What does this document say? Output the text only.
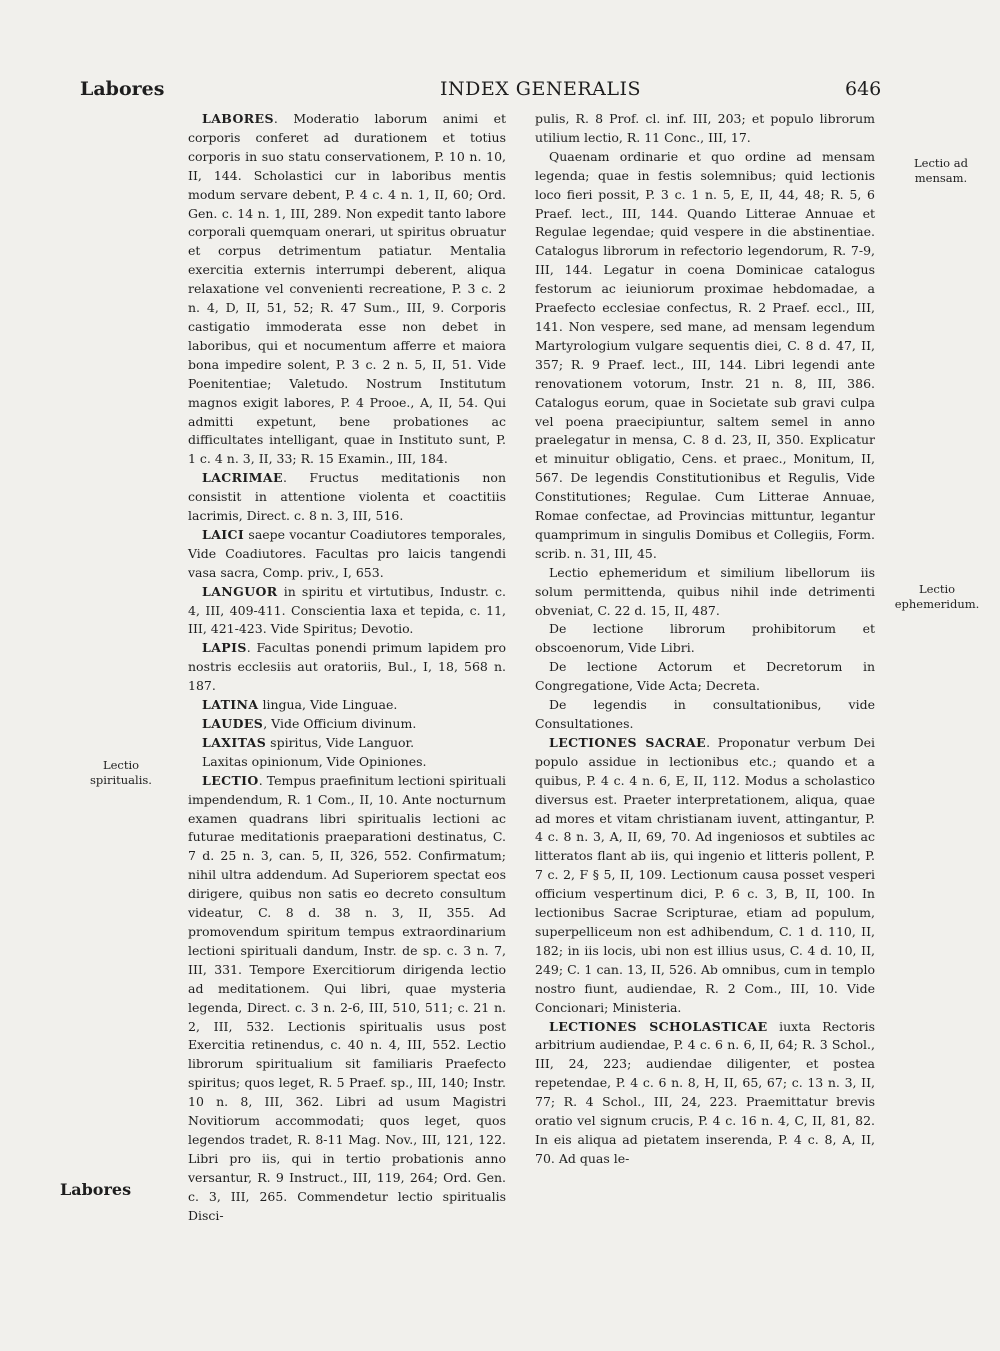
Labores	INDEX GENERALIS	646
Lectio ad mensam.
Lectio ephemeridum.
Lectio spiritualis.

LABORES. Moderatio laborum animi et corporis conferet ad durationem et totius corporis in suo statu conservationem, P. 10 n. 10, II, 144. Scholastici cur in laboribus mentis modum servare debent, P. 4 c. 4 n. 1, II, 60; Ord. Gen. c. 14 n. 1, III, 289. Non expedit tanto labore corporali quemquam onerari, ut spiritus obruatur et corpus detrimentum patiatur. Mentalia exercitia externis interrumpi deberent, aliqua relaxatione vel convenienti recreatione, P. 3 c. 2 n. 4, D, II, 51, 52; R. 47 Sum., III, 9. Corporis castigatio immoderata esse non debet in laboribus, qui et nocumentum afferre et maiora bona impedire solent, P. 3 c. 2 n. 5, II, 51. Vide Poenitentiae; Valetudo. Nostrum Institutum magnos exigit labores, P. 4 Prooe., A, II, 54. Qui admitti expetunt, bene probationes ac difficultates intelligant, quae in Instituto sunt, P. 1 c. 4 n. 3, II, 33; R. 15 Examin., III, 184.

LACRIMAE. Fructus meditationis non consistit in attentione violenta et coactitiis lacrimis, Direct. c. 8 n. 3, III, 516.

LAICI saepe vocantur Coadiutores temporales, Vide Coadiutores. Facultas pro laicis tangendi vasa sacra, Comp. priv., I, 653.

LANGUOR in spiritu et virtutibus, Industr. c. 4, III, 409-411. Conscientia laxa et tepida, c. 11, III, 421-423. Vide Spiritus; Devotio.

LAPIS. Facultas ponendi primum lapidem pro nostris ecclesiis aut oratoriis, Bul., I, 18, 568 n. 187.

LATINA lingua, Vide Linguae.

LAUDES, Vide Officium divinum.

LAXITAS spiritus, Vide Languor.

Laxitas opinionum, Vide Opiniones.

LECTIO. Tempus praefinitum lectioni spirituali impendendum, R. 1 Com., II, 10. Ante nocturnum examen quadrans libri spiritualis lectioni ac futurae meditationis praeparationi destinatus, C. 7 d. 25 n. 3, can. 5, II, 326, 552. Confirmatum; nihil ultra addendum. Ad Superiorem spectat eos dirigere, quibus non satis eo decreto consultum videatur, C. 8 d. 38 n. 3, II, 355. Ad promovendum spiritum tempus extraordinarium lectioni spirituali dandum, Instr. de sp. c. 3 n. 7, III, 331. Tempore Exercitiorum dirigenda lectio ad meditationem. Qui libri, quae mysteria legenda, Direct. c. 3 n. 2-6, III, 510, 511; c. 21 n. 2, III, 532. Lectionis spiritualis usus post Exercitia retinendus, c. 40 n. 4, III, 552. Lectio librorum spiritualium sit familiaris Praefecto spiritus; quos leget, R. 5 Praef. sp., III, 140; Instr. 10 n. 8, III, 362. Libri ad usum Magistri Novitiorum accommodati; quos leget, quos legendos tradet, R. 8-11 Mag. Nov., III, 121, 122. Libri pro iis, qui in tertio probationis anno versantur, R. 9 Instruct., III, 119, 264; Ord. Gen. c. 3, III, 265. Commendetur lectio spiritualis Disci-

pulis, R. 8 Prof. cl. inf. III, 203; et populo librorum utilium lectio, R. 11 Conc., III, 17.

Quaenam ordinarie et quo ordine ad mensam legenda; quae in festis solemnibus; quid lectionis loco fieri possit, P. 3 c. 1 n. 5, E, II, 44, 48; R. 5, 6 Praef. lect., III, 144. Quando Litterae Annuae et Regulae legendae; quid vespere in die abstinentiae. Catalogus librorum in refectorio legendorum, R. 7-9, III, 144. Legatur in coena Dominicae catalogus festorum ac ieiuniorum proximae hebdomadae, a Praefecto ecclesiae confectus, R. 2 Praef. eccl., III, 141. Non vespere, sed mane, ad mensam legendum Martyrologium vulgare sequentis diei, C. 8 d. 47, II, 357; R. 9 Praef. lect., III, 144. Libri legendi ante renovationem votorum, Instr. 21 n. 8, III, 386. Catalogus eorum, quae in Societate sub gravi culpa vel poena praecipiuntur, saltem semel in anno praelegatur in mensa, C. 8 d. 23, II, 350. Explicatur et minuitur obligatio, Cens. et praec., Monitum, II, 567. De legendis Constitutionibus et Regulis, Vide Constitutiones; Regulae. Cum Litterae Annuae, Romae confectae, ad Provincias mittuntur, legantur quamprimum in singulis Domibus et Collegiis, Form. scrib. n. 31, III, 45.

Lectio ephemeridum et similium libellorum iis solum permittenda, quibus nihil inde detrimenti obveniat, C. 22 d. 15, II, 487.

De lectione librorum prohibitorum et obscoenorum, Vide Libri.

De lectione Actorum et Decretorum in Congregatione, Vide Acta; Decreta.

De legendis in consultationibus, vide Consultationes.

LECTIONES SACRAE. Proponatur verbum Dei populo assidue in lectionibus etc.; quando et a quibus, P. 4 c. 4 n. 6, E, II, 112. Modus a scholastico diversus est. Praeter interpretationem, aliqua, quae ad mores et vitam christianam iuvent, attingantur, P. 4 c. 8 n. 3, A, II, 69, 70. Ad ingeniosos et subtiles ac litteratos flant ab iis, qui ingenio et litteris pollent, P. 7 c. 2, F § 5, II, 109. Lectionum causa posset vesperi officium vespertinum dici, P. 6 c. 3, B, II, 100. In lectionibus Sacrae Scripturae, etiam ad populum, superpelliceum non est adhibendum, C. 1 d. 110, II, 182; in iis locis, ubi non est illius usus, C. 4 d. 10, II, 249; C. 1 can. 13, II, 526. Ab omnibus, cum in templo nostro fiunt, audiendae, R. 2 Com., III, 10. Vide Concionari; Ministeria.

LECTIONES SCHOLASTICAE iuxta Rectoris arbitrium audiendae, P. 4 c. 6 n. 6, II, 64; R. 3 Schol., III, 24, 223; audiendae diligenter, et postea repetendae, P. 4 c. 6 n. 8, H, II, 65, 67; c. 13 n. 3, II, 77; R. 4 Schol., III, 24, 223. Praemittatur brevis oratio vel signum crucis, P. 4 c. 16 n. 4, C, II, 81, 82. In eis aliqua ad pietatem inserenda, P. 4 c. 8, A, II, 70. Ad quas le-

Labores
